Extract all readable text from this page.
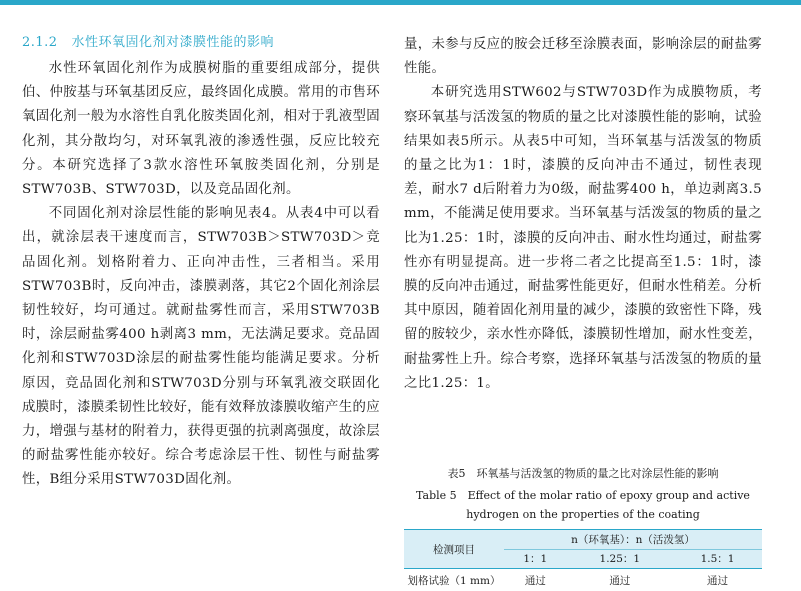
2.1.2 水性环氧固化剂对漆膜性能的影响

水性环氧固化剂作为成膜树脂的重要组成部分，提供伯、仲胺基与环氧基团反应，最终固化成膜。常用的市售环氧固化剂一般为水溶性自乳化胺类固化剂，相对于乳液型固化剂，其分散均匀，对环氧乳液的渗透性强，反应比较充分。本研究选择了3款水溶性环氧胺类固化剂，分别是STW703B、STW703D，以及竞品固化剂。

不同固化剂对涂层性能的影响见表4。从表4中可以看出，就涂层表干速度而言，STW703B＞STW703D＞竞品固化剂。划格附着力、正向冲击性，三者相当。采用STW703B时，反向冲击，漆膜剥落，其它2个固化剂涂层韧性较好，均可通过。就耐盐雾性而言，采用STW703B时，涂层耐盐雾400 h剥离3 mm，无法满足要求。竞品固化剂和STW703D涂层的耐盐雾性能均能满足要求。分析原因，竞品固化剂和STW703D分别与环氧乳液交联固化成膜时，漆膜柔韧性比较好，能有效释放漆膜收缩产生的应力，增强与基材的附着力，获得更强的抗剥离强度，故涂层的耐盐雾性能亦较好。综合考虑涂层干性、韧性与耐盐雾性，B组分采用STW703D固化剂。

量，未参与反应的胺会迁移至涂膜表面，影响涂层的耐盐雾性能。

本研究选用STW602与STW703D作为成膜物质，考察环氧基与活泼氢的物质的量之比对漆膜性能的影响，试验结果如表5所示。从表5中可知，当环氧基与活泼氢的物质的量之比为1：1时，漆膜的反向冲击不通过，韧性表现差，耐水7 d后附着力为0级，耐盐雾400 h，单边剥离3.5 mm，不能满足使用要求。当环氧基与活泼氢的物质的量之比为1.25：1时，漆膜的反向冲击、耐水性均通过，耐盐雾性亦有明显提高。进一步将二者之比提高至1.5：1时，漆膜的反向冲击通过，耐盐雾性能更好，但耐水性稍差。分析其中原因，随着固化剂用量的减少，漆膜的致密性下降，残留的胺较少，亲水性亦降低，漆膜韧性增加，耐水性变差，耐盐雾性上升。综合考察，选择环氧基与活泼氢的物质的量之比1.25：1。

表5　环氧基与活泼氢的物质的量之比对涂层性能的影响
Table 5　Effect of the molar ratio of epoxy group and active
hydrogen on the properties of the coating
检测项目	n（环氧基）：n（活泼氢）		
	1：1	1.25：1	1.5：1
划格试验（1 mm）	通过	通过	通过
